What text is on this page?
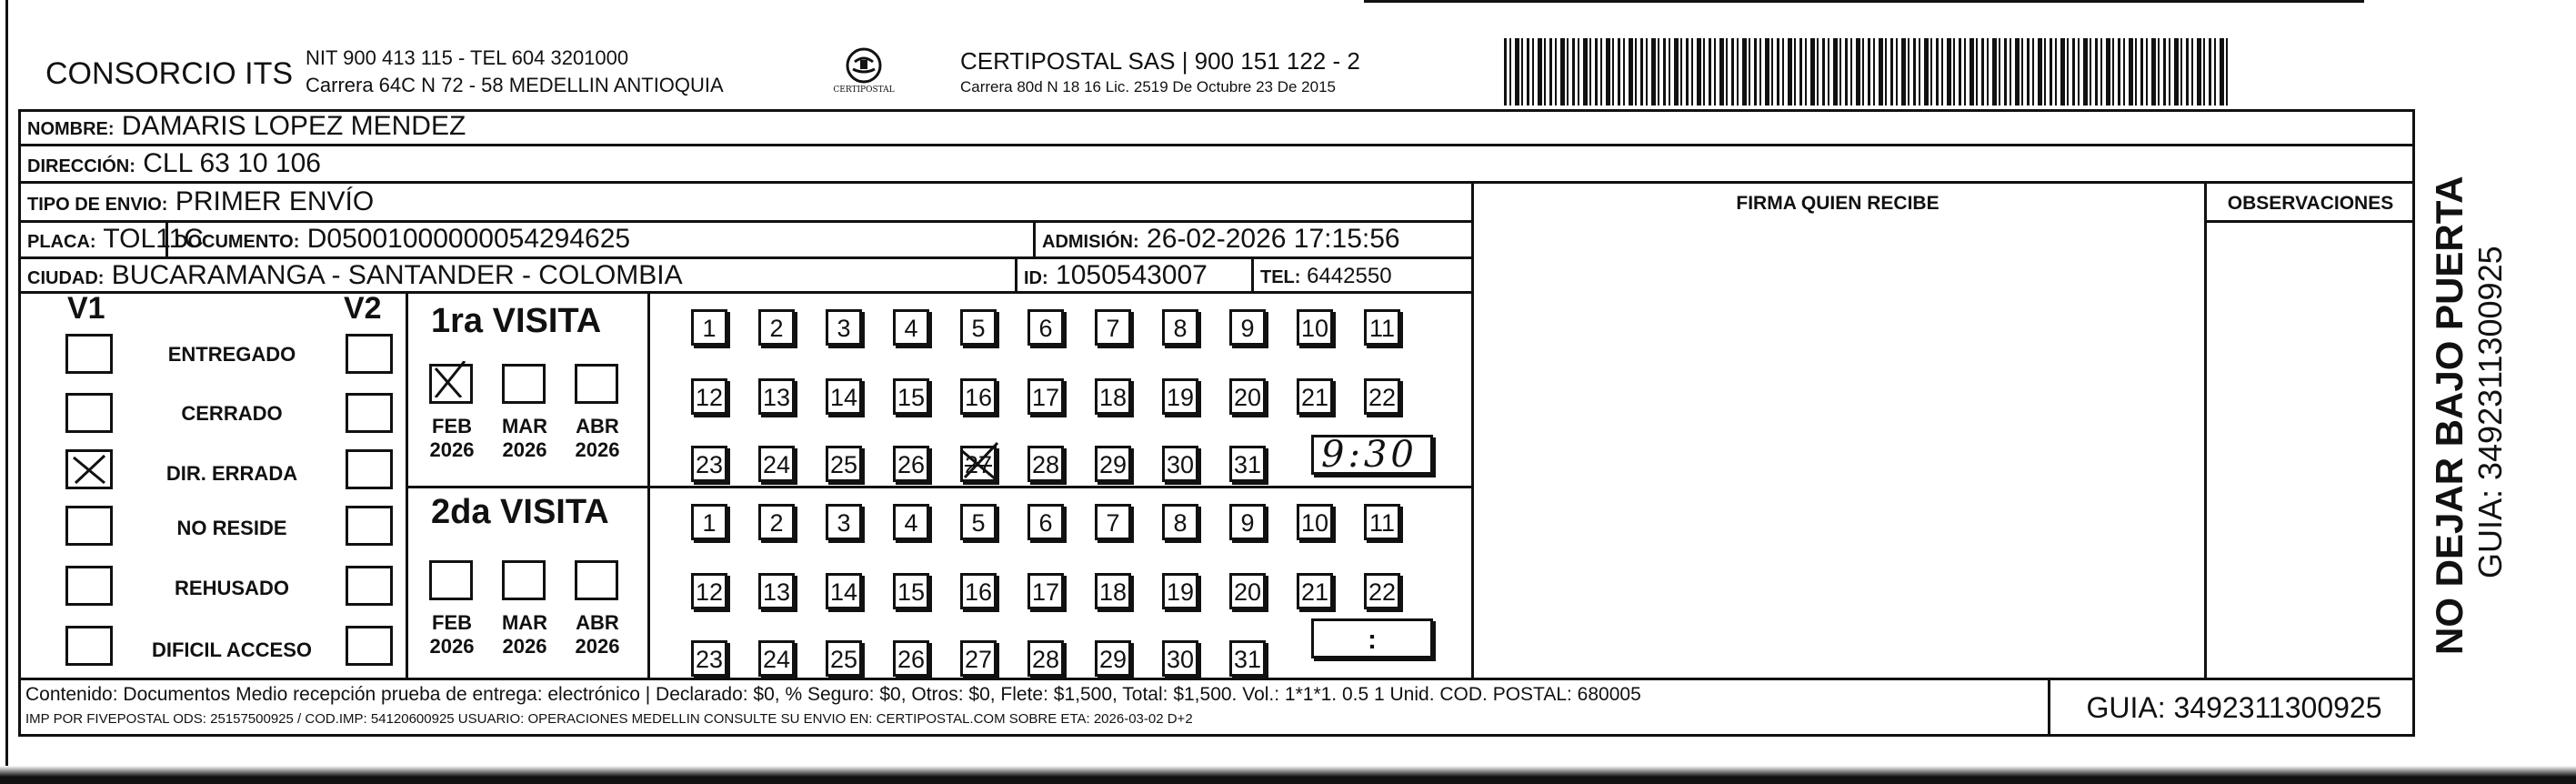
CONSORCIO ITS NIT 900 413 115 - TEL 604 3201000
Carrera 64C N 72 - 58 MEDELLIN ANTIOQUIA	CERTIPOSTAL
CERTIPOSTAL SAS | 900 151 122 - 2
Carrera 80d N 18 16 Lic. 2519 De Octubre 23 De 2015
NOMBRE: DAMARIS LOPEZ MENDEZ
DIRECCIÓN: CLL 63 10 106
TIPO DE ENVIO: PRIMER ENVÍO	FIRMA QUIEN RECIBE	OBSERVACIONES
PLACA: TOL11C
DOCUMENTO: D05001000000054294625	ADMISIÓN: 26-02-2026 17:15:56
CIUDAD: BUCARAMANGA - SANTANDER - COLOMBIA	ID: 1050543007	TEL: 6442550
V1	V2
ENTREGADO
CERRADO
DIR. ERRADA
NO RESIDE
REHUSADO
DIFICIL ACCESO
1ra VISITA
FEB
2026
MAR
2026
ABR
2026
2da VISITA
FEB
2026
MAR
2026
ABR
2026
1	2	3	4	5	6	7	8	9	10 11
12 13 14 15 16 17 18 19 20 21 22
23 24 25 26 27 28 29 30 31
1	2	3	4	5	6	7	8	9	10 11
12 13 14 15 16 17 18 19 20 21 22
23 24 25 26 27 28 29 30 31
9:30
:
Contenido: Documentos Medio recepción prueba de entrega: electrónico | Declarado: $0, % Seguro: $0, Otros: $0, Flete: $1,500, Total: $1,500. Vol.: 1*1*1. 0.5 1 Unid. COD. POSTAL: 680005
IMP POR FIVEPOSTAL ODS: 25157500925 / COD.IMP: 54120600925 USUARIO: OPERACIONES MEDELLIN CONSULTE SU ENVIO EN: CERTIPOSTAL.COM SOBRE ETA: 2026-03-02 D+2	GUIA: 3492311300925
NO DEJAR BAJO PUERTA GUIA: 3492311300925
